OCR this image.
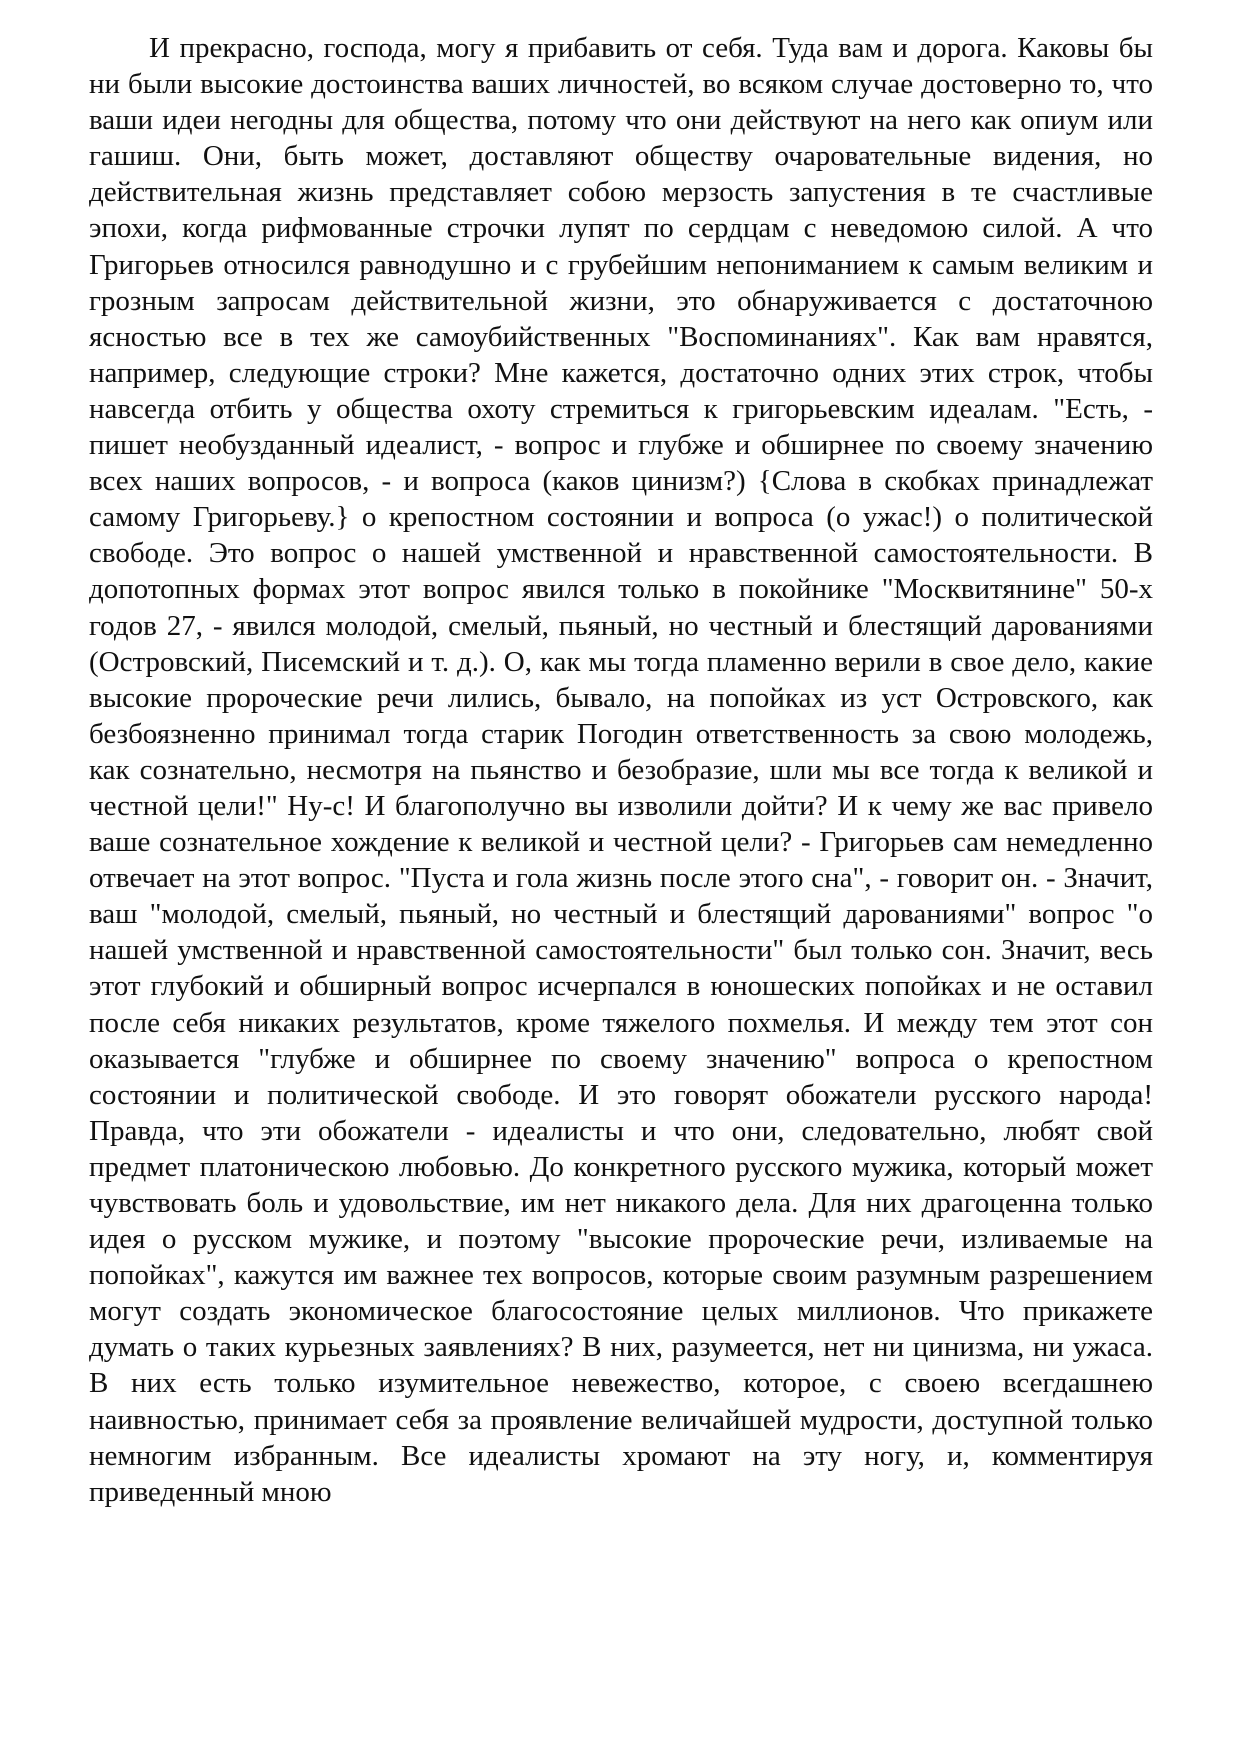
И прекрасно, господа, могу я прибавить от себя. Туда вам и дорога. Каковы бы ни были высокие достоинства ваших личностей, во всяком случае достоверно то, что ваши идеи негодны для общества, потому что они действуют на него как опиум или гашиш. Они, быть может, доставляют обществу очаровательные видения, но действительная жизнь представляет собою мерзость запустения в те счастливые эпохи, когда рифмованные строчки лупят по сердцам с неведомою силой. А что Григорьев относился равнодушно и с грубейшим непониманием к самым великим и грозным запросам действительной жизни, это обнаруживается с достаточною ясностью все в тех же самоубийственных "Воспоминаниях". Как вам нравятся, например, следующие строки? Мне кажется, достаточно одних этих строк, чтобы навсегда отбить у общества охоту стремиться к григорьевским идеалам. "Есть, - пишет необузданный идеалист, - вопрос и глубже и обширнее по своему значению всех наших вопросов, - и вопроса (каков цинизм?) {Слова в скобках принадлежат самому Григорьеву.} о крепостном состоянии и вопроса (о ужас!) о политической свободе. Это вопрос о нашей умственной и нравственной самостоятельности. В допотопных формах этот вопрос явился только в покойнике "Москвитянине" 50-х годов 27, - явился молодой, смелый, пьяный, но честный и блестящий дарованиями (Островский, Писемский и т. д.). О, как мы тогда пламенно верили в свое дело, какие высокие пророческие речи лились, бывало, на попойках из уст Островского, как безбоязненно принимал тогда старик Погодин ответственность за свою молодежь, как сознательно, несмотря на пьянство и безобразие, шли мы все тогда к великой и честной цели!" Ну-с! И благополучно вы изволили дойти? И к чему же вас привело ваше сознательное хождение к великой и честной цели? - Григорьев сам немедленно отвечает на этот вопрос. "Пуста и гола жизнь после этого сна", - говорит он. - Значит, ваш "молодой, смелый, пьяный, но честный и блестящий дарованиями" вопрос "о нашей умственной и нравственной самостоятельности" был только сон. Значит, весь этот глубокий и обширный вопрос исчерпался в юношеских попойках и не оставил после себя никаких результатов, кроме тяжелого похмелья. И между тем этот сон оказывается "глубже и обширнее по своему значению" вопроса о крепостном состоянии и политической свободе. И это говорят обожатели русского народа! Правда, что эти обожатели - идеалисты и что они, следовательно, любят свой предмет платоническою любовью. До конкретного русского мужика, который может чувствовать боль и удовольствие, им нет никакого дела. Для них драгоценна только идея о русском мужике, и поэтому "высокие пророческие речи, изливаемые на попойках", кажутся им важнее тех вопросов, которые своим разумным разрешением могут создать экономическое благосостояние целых миллионов. Что прикажете думать о таких курьезных заявлениях? В них, разумеется, нет ни цинизма, ни ужаса. В них есть только изумительное невежество, которое, с своею всегдашнею наивностью, принимает себя за проявление величайшей мудрости, доступной только немногим избранным. Все идеалисты хромают на эту ногу, и, комментируя приведенный мною
